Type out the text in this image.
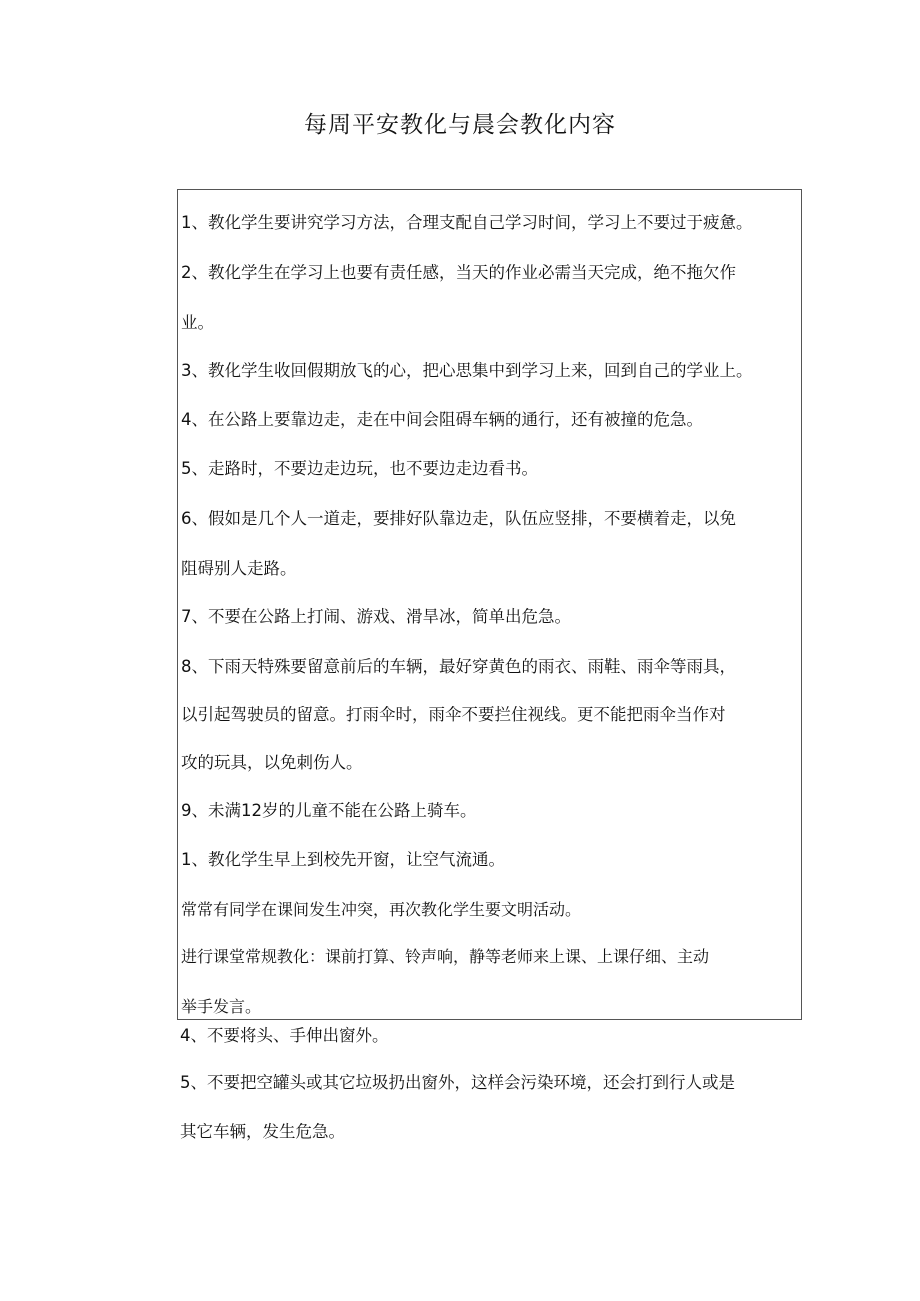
每周平安教化与晨会教化内容
1、教化学生要讲究学习方法，合理支配自己学习时间，学习上不要过于疲惫。
2、教化学生在学习上也要有责任感，当天的作业必需当天完成，绝不拖欠作
业。
3、教化学生收回假期放飞的心，把心思集中到学习上来，回到自己的学业上。
4、在公路上要靠边走，走在中间会阻碍车辆的通行，还有被撞的危急。
5、走路时，不要边走边玩，也不要边走边看书。
6、假如是几个人一道走，要排好队靠边走，队伍应竖排，不要横着走，以免
阻碍别人走路。
7、不要在公路上打闹、游戏、滑旱冰，简单出危急。
8、下雨天特殊要留意前后的车辆，最好穿黄色的雨衣、雨鞋、雨伞等雨具，
以引起驾驶员的留意。打雨伞时，雨伞不要拦住视线。更不能把雨伞当作对
攻的玩具，以免刺伤人。
9、未满12岁的儿童不能在公路上骑车。
1、教化学生早上到校先开窗，让空气流通。
常常有同学在课间发生冲突，再次教化学生要文明活动。
进行课堂常规教化：课前打算、铃声响，静等老师来上课、上课仔细、主动
举手发言。
4、不要将头、手伸出窗外。
5、不要把空罐头或其它垃圾扔出窗外，这样会污染环境，还会打到行人或是
其它车辆，发生危急。
